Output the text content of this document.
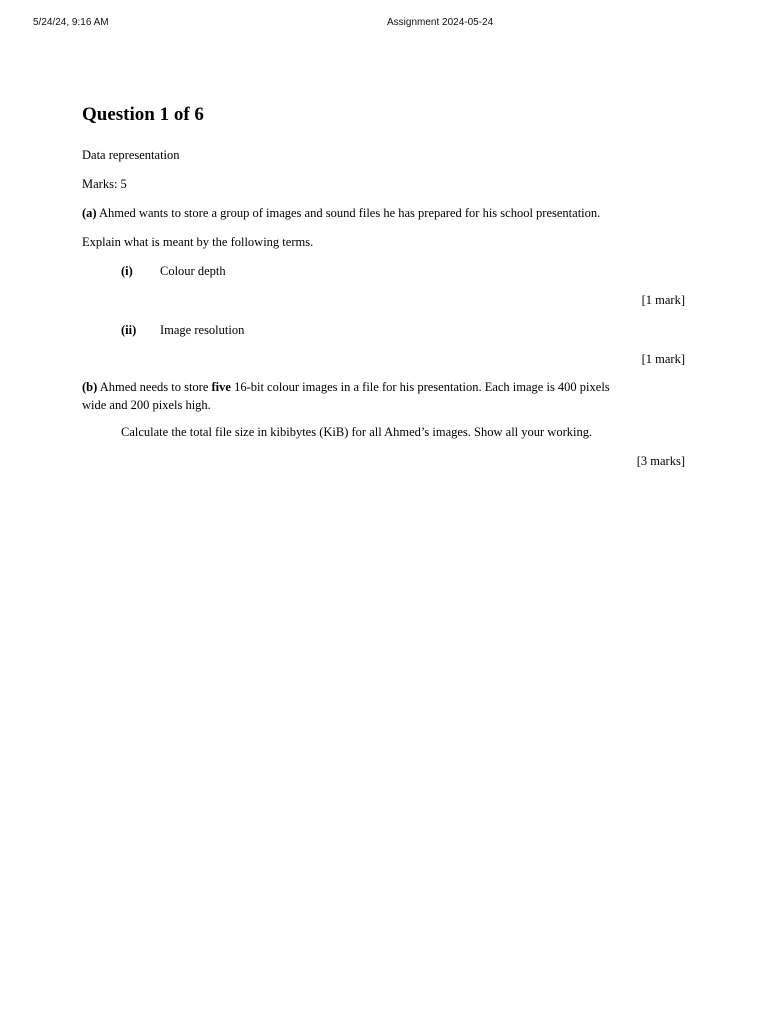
5/24/24, 9:16 AM	Assignment 2024-05-24
Question 1 of 6
Data representation
Marks: 5
(a) Ahmed wants to store a group of images and sound files he has prepared for his school presentation.
Explain what is meant by the following terms.
(i) Colour depth
[1 mark]
(ii) Image resolution
[1 mark]
(b) Ahmed needs to store five 16-bit colour images in a file for his presentation. Each image is 400 pixels
wide and 200 pixels high.
Calculate the total file size in kibibytes (KiB) for all Ahmed’s images. Show all your working.
[3 marks]
